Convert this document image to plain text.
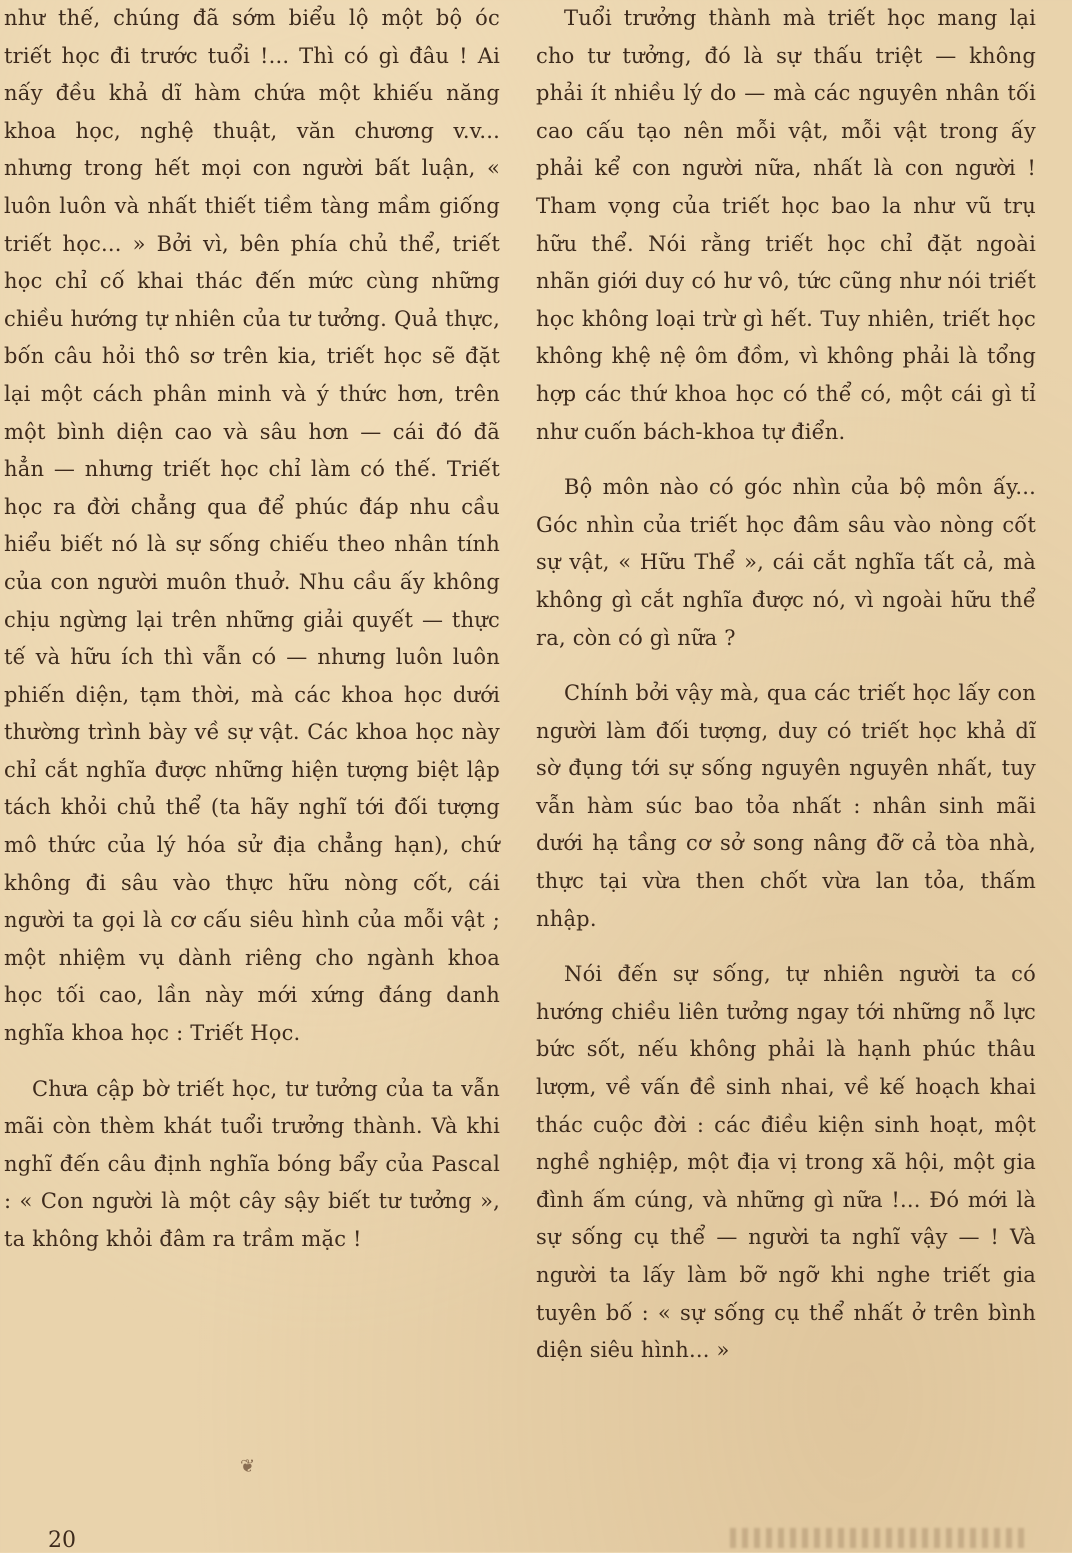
như thế, chúng đã sớm biểu lộ một bộ óc triết học đi trước tuổi !... Thì có gì đâu ! Ai nấy đều khả dĩ hàm chứa một khiếu năng khoa học, nghệ thuật, văn chương v.v... nhưng trong hết mọi con người bất luận, « luôn luôn và nhất thiết tiềm tàng mầm giống triết học... » Bởi vì, bên phía chủ thể, triết học chỉ cố khai thác đến mức cùng những chiều hướng tự nhiên của tư tưởng. Quả thực, bốn câu hỏi thô sơ trên kia, triết học sẽ đặt lại một cách phân minh và ý thức hơn, trên một bình diện cao và sâu hơn — cái đó đã hẳn — nhưng triết học chỉ làm có thế. Triết học ra đời chẳng qua để phúc đáp nhu cầu hiểu biết nó là sự sống chiếu theo nhân tính của con người muôn thuở. Nhu cầu ấy không chịu ngừng lại trên những giải quyết — thực tế và hữu ích thì vẫn có — nhưng luôn luôn phiến diện, tạm thời, mà các khoa học dưới thường trình bày về sự vật. Các khoa học này chỉ cắt nghĩa được những hiện tượng biệt lập tách khỏi chủ thể (ta hãy nghĩ tới đối tượng mô thức của lý hóa sử địa chẳng hạn), chứ không đi sâu vào thực hữu nòng cốt, cái người ta gọi là cơ cấu siêu hình của mỗi vật ; một nhiệm vụ dành riêng cho ngành khoa học tối cao, lần này mới xứng đáng danh nghĩa khoa học : Triết Học.

Chưa cập bờ triết học, tư tưởng của ta vẫn mãi còn thèm khát tuổi trưởng thành. Và khi nghĩ đến câu định nghĩa bóng bẩy của Pascal : « Con người là một cây sậy biết tư tưởng », ta không khỏi đâm ra trầm mặc !

Tuổi trưởng thành mà triết học mang lại cho tư tưởng, đó là sự thấu triệt — không phải ít nhiều lý do — mà các nguyên nhân tối cao cấu tạo nên mỗi vật, mỗi vật trong ấy phải kể con người nữa, nhất là con người ! Tham vọng của triết học bao la như vũ trụ hữu thể. Nói rằng triết học chỉ đặt ngoài nhãn giới duy có hư vô, tức cũng như nói triết học không loại trừ gì hết. Tuy nhiên, triết học không khệ nệ ôm đồm, vì không phải là tổng hợp các thứ khoa học có thể có, một cái gì tỉ như cuốn bách-khoa tự điển.

Bộ môn nào có góc nhìn của bộ môn ấy... Góc nhìn của triết học đâm sâu vào nòng cốt sự vật, « Hữu Thể », cái cắt nghĩa tất cả, mà không gì cắt nghĩa được nó, vì ngoài hữu thể ra, còn có gì nữa ?

Chính bởi vậy mà, qua các triết học lấy con người làm đối tượng, duy có triết học khả dĩ sờ đụng tới sự sống nguyên nguyên nhất, tuy vẫn hàm súc bao tỏa nhất : nhân sinh mãi dưới hạ tầng cơ sở song nâng đỡ cả tòa nhà, thực tại vừa then chốt vừa lan tỏa, thấm nhập.

Nói đến sự sống, tự nhiên người ta có hướng chiều liên tưởng ngay tới những nỗ lực bức sốt, nếu không phải là hạnh phúc thâu lượm, về vấn đề sinh nhai, về kế hoạch khai thác cuộc đời : các điều kiện sinh hoạt, một nghề nghiệp, một địa vị trong xã hội, một gia đình ấm cúng, và những gì nữa !... Đó mới là sự sống cụ thể — người ta nghĩ vậy — ! Và người ta lấy làm bỡ ngỡ khi nghe triết gia tuyên bố : « sự sống cụ thể nhất ở trên bình diện siêu hình... »

❦
20
